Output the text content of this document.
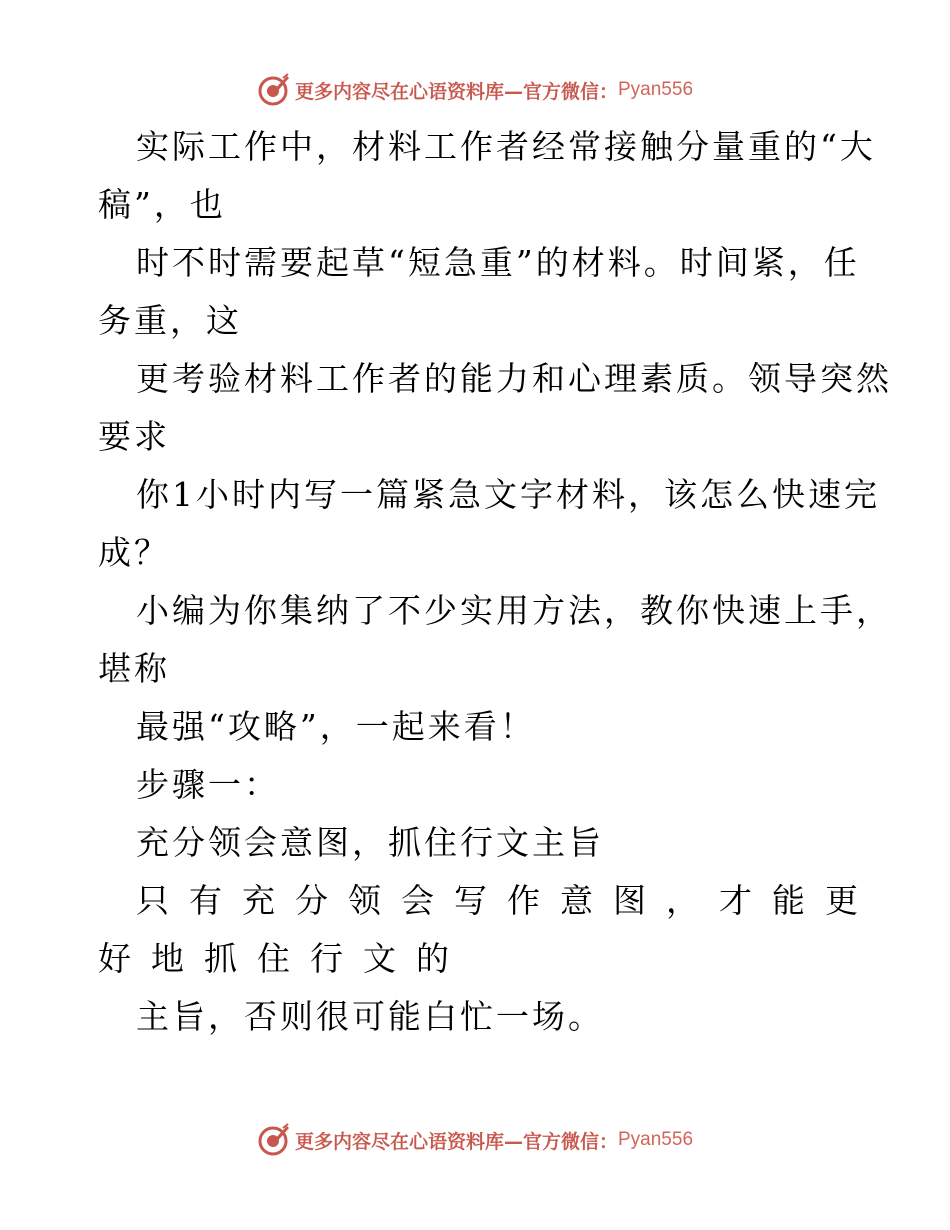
更多内容尽在心语资料库—官方微信： Pyan556
实际工作中，材料工作者经常接触分量重的“大
稿”，也
时不时需要起草“短急重”的材料。时间紧，任
务重，这
更考验材料工作者的能力和心理素质。领导突然
要求
你1小时内写一篇紧急文字材料，该怎么快速完
成？
小编为你集纳了不少实用方法，教你快速上手，
堪称
最强“攻略”，一起来看！
步骤一：
充分领会意图，抓住行文主旨
只有充分领会写作意图，才能更
好地抓住行文的
主旨，否则很可能白忙一场。
更多内容尽在心语资料库—官方微信： Pyan556
